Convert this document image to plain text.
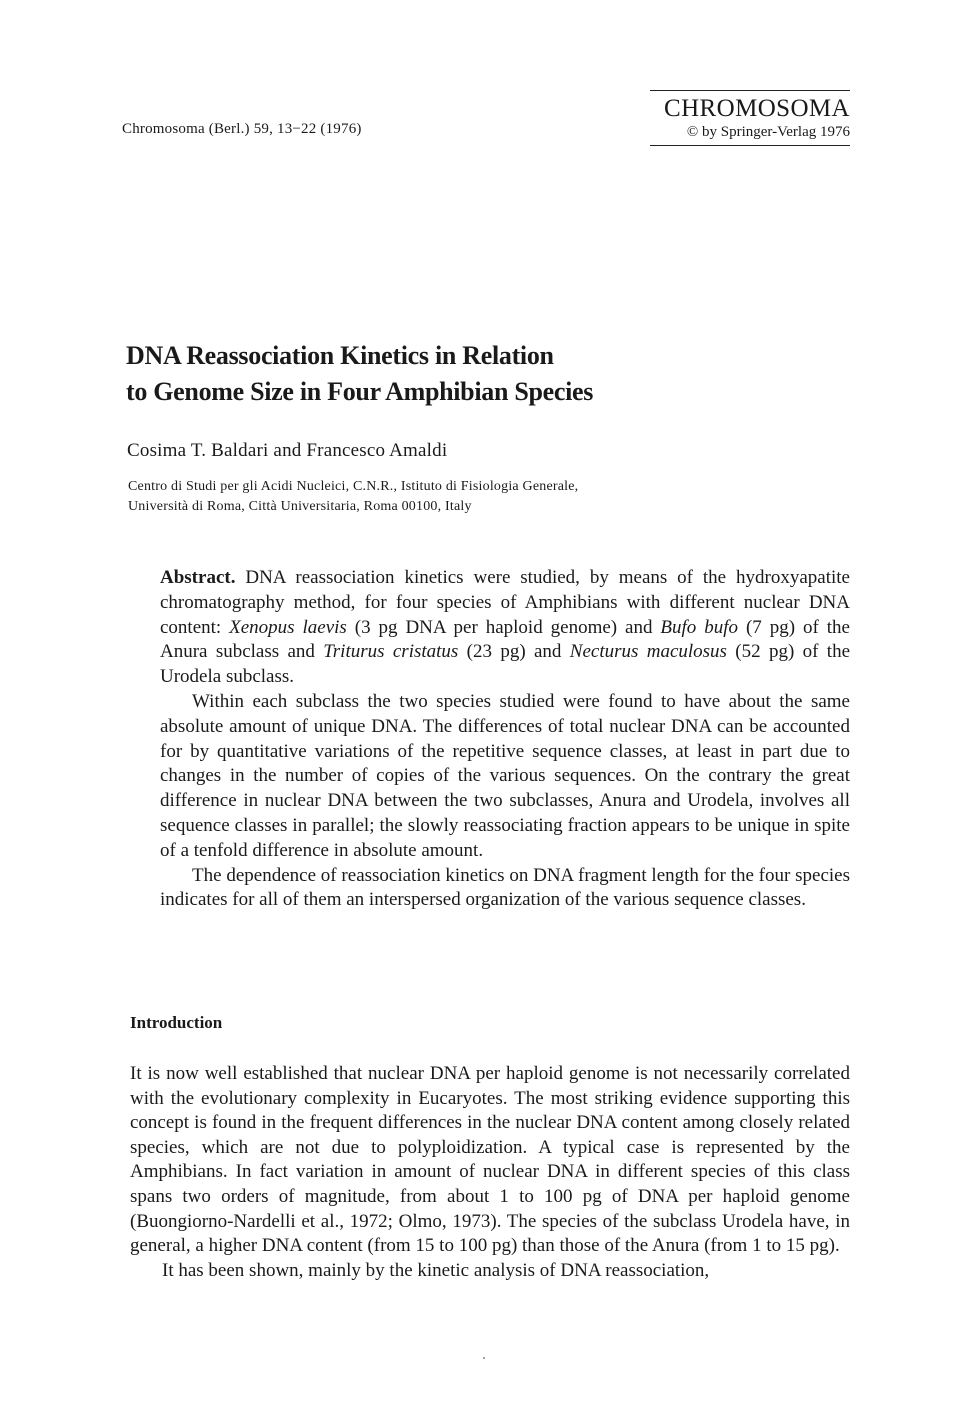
Chromosoma (Berl.) 59, 13−22 (1976)
CHROMOSOMA
© by Springer-Verlag 1976
DNA Reassociation Kinetics in Relation
to Genome Size in Four Amphibian Species
Cosima T. Baldari and Francesco Amaldi
Centro di Studi per gli Acidi Nucleici, C.N.R., Istituto di Fisiologia Generale,
Università di Roma, Città Universitaria, Roma 00100, Italy

Abstract. DNA reassociation kinetics were studied, by means of the hydroxyapatite chromatography method, for four species of Amphibians with different nuclear DNA content: Xenopus laevis (3 pg DNA per haploid genome) and Bufo bufo (7 pg) of the Anura subclass and Triturus cristatus (23 pg) and Necturus maculosus (52 pg) of the Urodela subclass.

Within each subclass the two species studied were found to have about the same absolute amount of unique DNA. The differences of total nuclear DNA can be accounted for by quantitative variations of the repetitive sequence classes, at least in part due to changes in the number of copies of the various sequences. On the contrary the great difference in nuclear DNA between the two subclasses, Anura and Urodela, involves all sequence classes in parallel; the slowly reassociating fraction appears to be unique in spite of a tenfold difference in absolute amount.

The dependence of reassociation kinetics on DNA fragment length for the four species indicates for all of them an interspersed organization of the various sequence classes.

Introduction

It is now well established that nuclear DNA per haploid genome is not necessarily correlated with the evolutionary complexity in Eucaryotes. The most striking evidence supporting this concept is found in the frequent differences in the nuclear DNA content among closely related species, which are not due to polyploidization. A typical case is represented by the Amphibians. In fact variation in amount of nuclear DNA in different species of this class spans two orders of magnitude, from about 1 to 100 pg of DNA per haploid genome (Buongiorno-Nardelli et al., 1972; Olmo, 1973). The species of the subclass Urodela have, in general, a higher DNA content (from 15 to 100 pg) than those of the Anura (from 1 to 15 pg).

It has been shown, mainly by the kinetic analysis of DNA reassociation,
